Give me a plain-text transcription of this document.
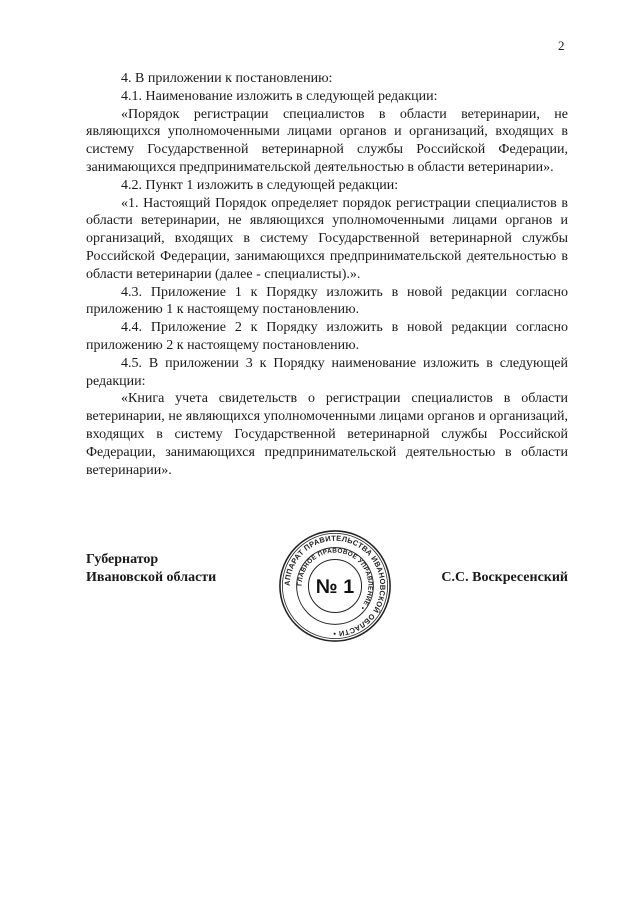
2

4. В приложении к постановлению:

4.1. Наименование изложить в следующей редакции:

«Порядок регистрации специалистов в области ветеринарии, не являющихся уполномоченными лицами органов и организаций, входящих в систему Государственной ветеринарной службы Российской Федерации, занимающихся предпринимательской деятельностью в области ветеринарии».

4.2. Пункт 1 изложить в следующей редакции:

«1. Настоящий Порядок определяет порядок регистрации специалистов в области ветеринарии, не являющихся уполномоченными лицами органов и организаций, входящих в систему Государственной ветеринарной службы Российской Федерации, занимающихся предпринимательской деятельностью в области ветеринарии (далее - специалисты).».

4.3. Приложение 1 к Порядку изложить в новой редакции согласно приложению 1 к настоящему постановлению.

4.4. Приложение 2 к Порядку изложить в новой редакции согласно приложению 2 к настоящему постановлению.

4.5. В приложении 3 к Порядку наименование изложить в следующей редакции:

«Книга учета свидетельств о регистрации специалистов в области ветеринарии, не являющихся уполномоченными лицами органов и организаций, входящих в систему Государственной ветеринарной службы Российской Федерации, занимающихся предпринимательской деятельностью в области ветеринарии».

Губернатор
Ивановской области	АППАРАТ ПРАВИТЕЛЬСТВА ИВАНОВСКОЙ ОБЛАСТИ •
ГЛАВНОЕ ПРАВОВОЕ УПРАВЛЕНИЕ •
№ 1	С.С. Воскресенский
